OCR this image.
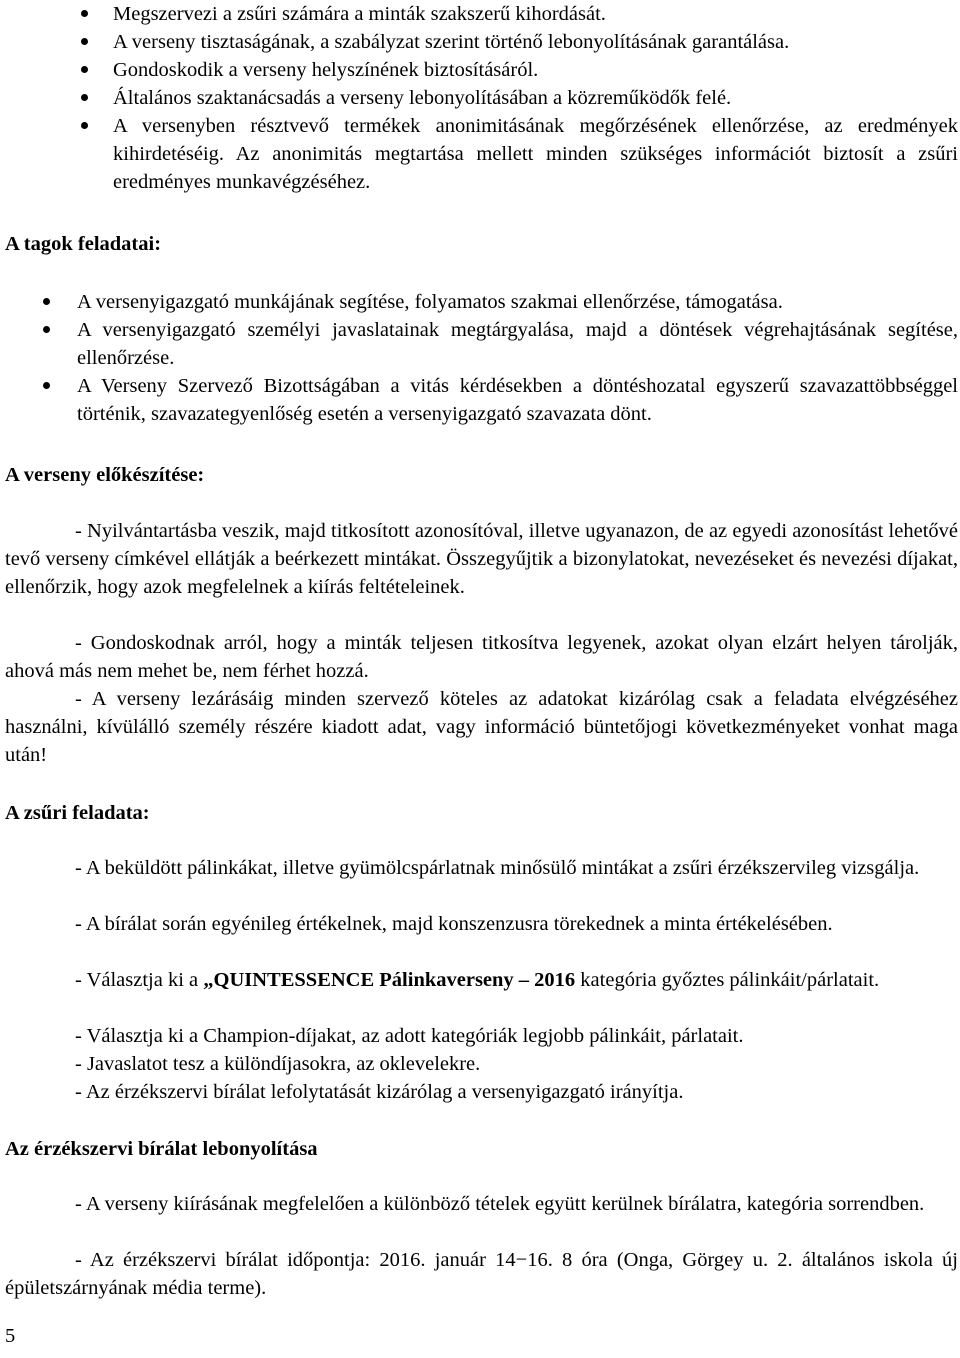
Megszervezi a zsűri számára a minták szakszerű kihordását.
A verseny tisztaságának, a szabályzat szerint történő lebonyolításának garantálása.
Gondoskodik a verseny helyszínének biztosításáról.
Általános szaktanácsadás a verseny lebonyolításában a közreműködők felé.
A versenyben résztvevő termékek anonimitásának megőrzésének ellenőrzése, az eredmények kihirdetéséig. Az anonimitás megtartása mellett minden szükséges információt biztosít a zsűri eredményes munkavégzéséhez.
A tagok feladatai:
A versenyigazgató munkájának segítése, folyamatos szakmai ellenőrzése, támogatása.
A versenyigazgató személyi javaslatainak megtárgyalása, majd a döntések végrehajtásának segítése, ellenőrzése.
A Verseny Szervező Bizottságában a vitás kérdésekben a döntéshozatal egyszerű szavazattöbbséggel történik, szavazategyenlőség esetén a versenyigazgató szavazata dönt.
A verseny előkészítése:

- Nyilvántartásba veszik, majd titkosított azonosítóval, illetve ugyanazon, de az egyedi azonosítást lehetővé tevő verseny címkével ellátják a beérkezett mintákat. Összegyűjtik a bizonylatokat, nevezéseket és nevezési díjakat, ellenőrzik, hogy azok megfelelnek a kiírás feltételeinek.

- Gondoskodnak arról, hogy a minták teljesen titkosítva legyenek, azokat olyan elzárt helyen tárolják, ahová más nem mehet be, nem férhet hozzá.

- A verseny lezárásáig minden szervező köteles az adatokat kizárólag csak a feladata elvégzéséhez használni, kívülálló személy részére kiadott adat, vagy információ büntetőjogi következményeket vonhat maga után!

A zsűri feladata:

- A beküldött pálinkákat, illetve gyümölcspárlatnak minősülő mintákat a zsűri érzékszervileg vizsgálja.

- A bírálat során egyénileg értékelnek, majd konszenzusra törekednek a minta értékelésében.

- Választja ki a „QUINTESSENCE Pálinkaverseny – 2016 kategória győztes pálinkáit/párlatait.

- Választja ki a Champion-díjakat, az adott kategóriák legjobb pálinkáit, párlatait.

- Javaslatot tesz a különdíjasokra, az oklevelekre.

- Az érzékszervi bírálat lefolytatását kizárólag a versenyigazgató irányítja.

Az érzékszervi bírálat lebonyolítása

- A verseny kiírásának megfelelően a különböző tételek együtt kerülnek bírálatra, kategória sorrendben.

- Az érzékszervi bírálat időpontja: 2016. január 14−16. 8 óra (Onga, Görgey u. 2. általános iskola új épületszárnyának média terme).

5
